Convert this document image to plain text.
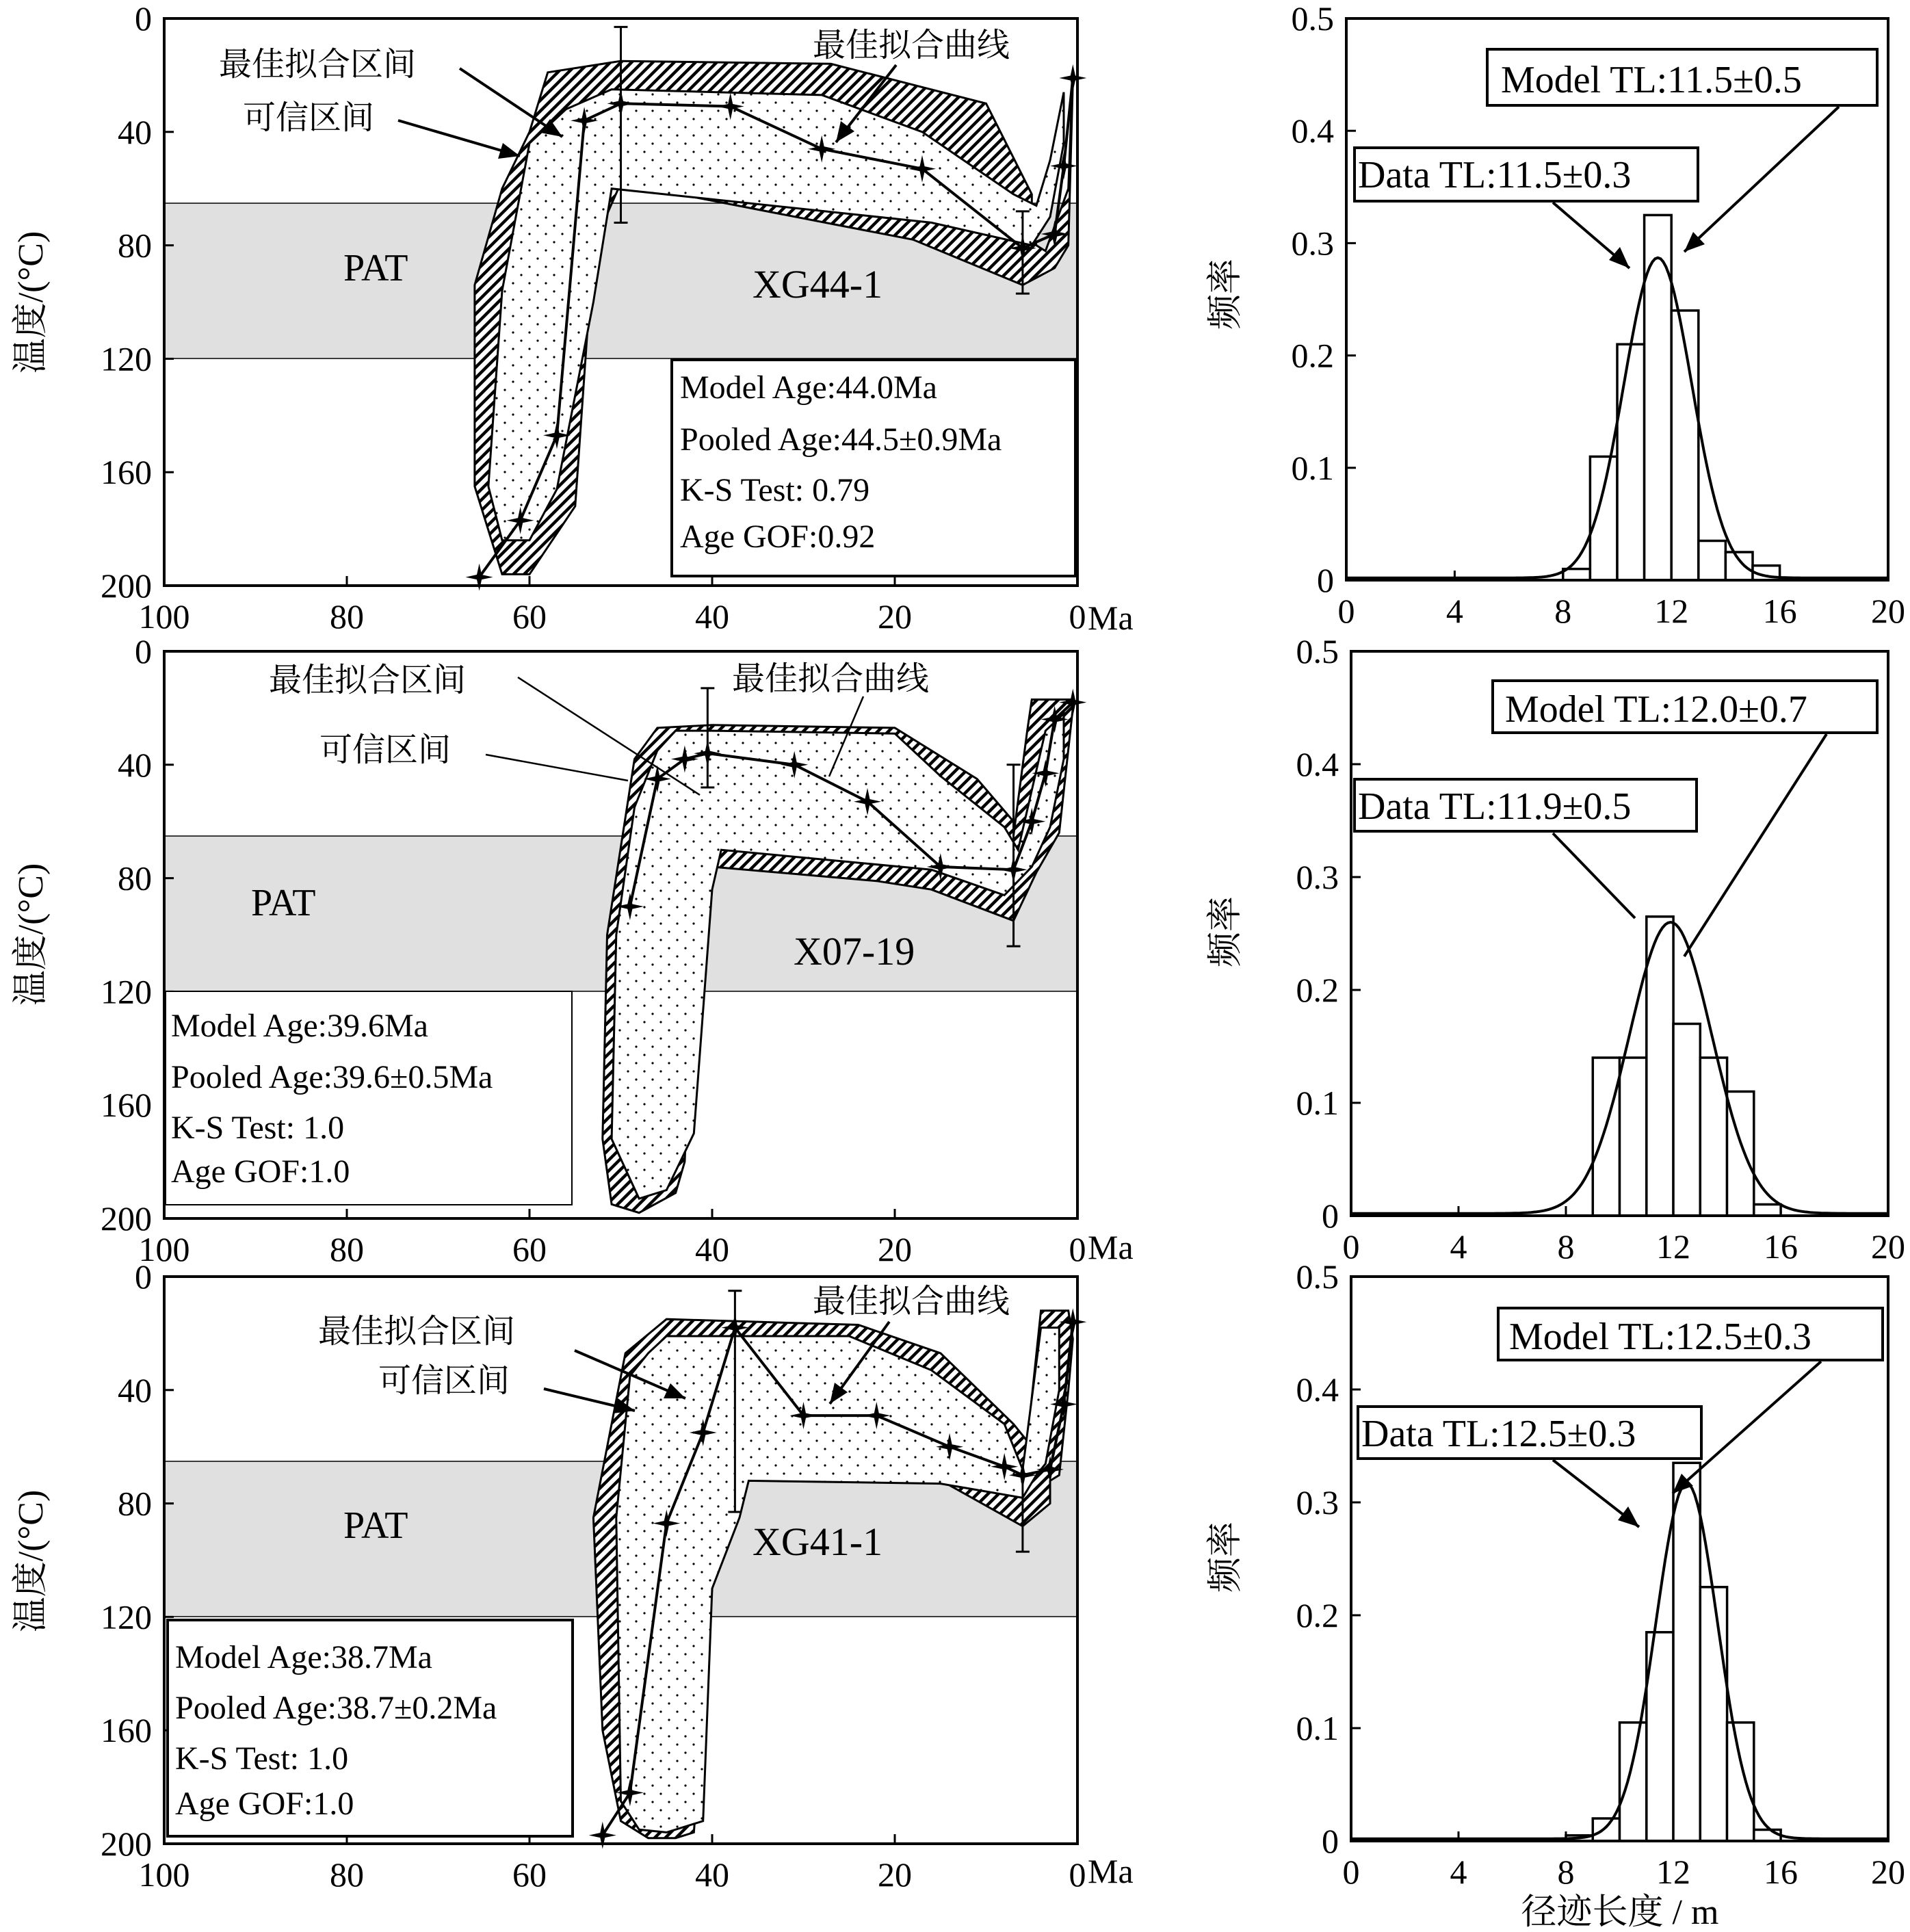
100	80	60	40	20	0
0
40
80
120
160
200
温度/(°C)
Ma
PAT	XG44-1
Model Age:44.0Ma
Pooled Age:44.5±0.9Ma
K-S Test: 0.79
Age GOF:0.92
最佳拟合区间
可信区间
最佳拟合曲线
0	4	8 12 16 20
0
0.1
0.2
0.3
0.4
0.5
频率
Model TL:11.5±0.5
Data TL:11.5±0.3
100	80	60	40	20	0
0
40
80
120
160
200
温度/(°C)
Ma
PAT
X07-19
Model Age:39.6Ma
Pooled Age:39.6±0.5Ma
K-S Test: 1.0
Age GOF:1.0
最佳拟合区间
可信区间
最佳拟合曲线
0	4	8 12 16 20
0
0.1
0.2
0.3
0.4
0.5
频率
Model TL:12.0±0.7
Data TL:11.9±0.5
100	80	60	40	20	0
0
40
80
120
160
200
温度/(°C)
Ma
PAT	XG41-1
Model Age:38.7Ma
Pooled Age:38.7±0.2Ma
K-S Test: 1.0
Age GOF:1.0
最佳拟合区间
可信区间
最佳拟合曲线
0	4	8 12 16 20
0
0.1
0.2
0.3
0.4
0.5
频率
径迹长度 / m
Model TL:12.5±0.3
Data TL:12.5±0.3
